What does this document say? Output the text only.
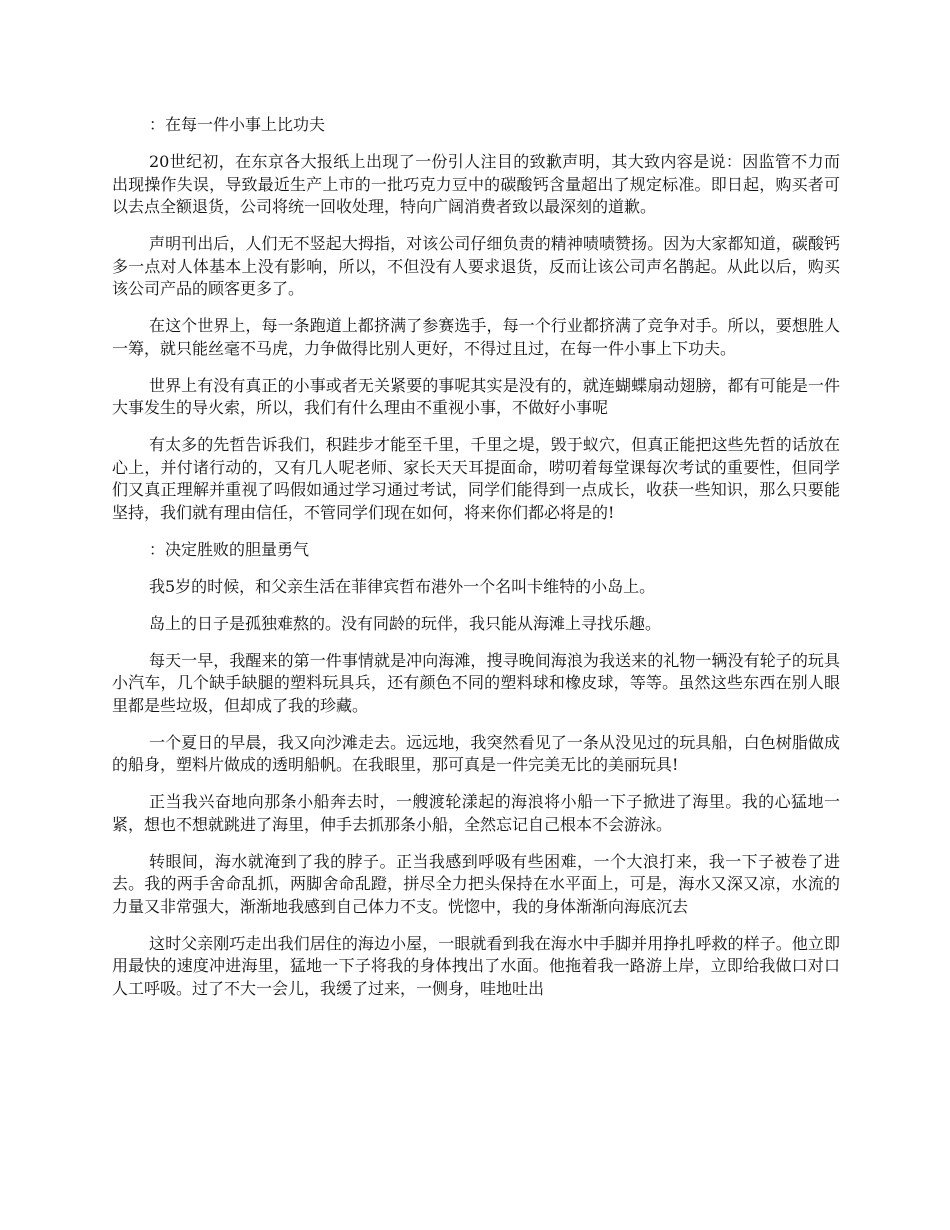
：在每一件小事上比功夫

20世纪初，在东京各大报纸上出现了一份引人注目的致歉声明，其大致内容是说：因监管不力而出现操作失误，导致最近生产上市的一批巧克力豆中的碳酸钙含量超出了规定标准。即日起，购买者可以去点全额退货，公司将统一回收处理，特向广阔消费者致以最深刻的道歉。

声明刊出后，人们无不竖起大拇指，对该公司仔细负责的精神啧啧赞扬。因为大家都知道，碳酸钙多一点对人体基本上没有影响，所以，不但没有人要求退货，反而让该公司声名鹊起。从此以后，购买该公司产品的顾客更多了。

在这个世界上，每一条跑道上都挤满了参赛选手，每一个行业都挤满了竞争对手。所以，要想胜人一筹，就只能丝毫不马虎，力争做得比别人更好，不得过且过，在每一件小事上下功夫。

世界上有没有真正的小事或者无关紧要的事呢其实是没有的，就连蝴蝶扇动翅膀，都有可能是一件大事发生的导火索，所以，我们有什么理由不重视小事，不做好小事呢

有太多的先哲告诉我们，积跬步才能至千里，千里之堤，毁于蚁穴，但真正能把这些先哲的话放在心上，并付诸行动的，又有几人呢老师、家长天天耳提面命，唠叨着每堂课每次考试的重要性，但同学们又真正理解并重视了吗假如通过学习通过考试，同学们能得到一点成长，收获一些知识，那么只要能坚持，我们就有理由信任，不管同学们现在如何，将来你们都必将是的!

：决定胜败的胆量勇气

我5岁的时候，和父亲生活在菲律宾哲布港外一个名叫卡维特的小岛上。

岛上的日子是孤独难熬的。没有同龄的玩伴，我只能从海滩上寻找乐趣。

每天一早，我醒来的第一件事情就是冲向海滩，搜寻晚间海浪为我送来的礼物一辆没有轮子的玩具小汽车，几个缺手缺腿的塑料玩具兵，还有颜色不同的塑料球和橡皮球，等等。虽然这些东西在别人眼里都是些垃圾，但却成了我的珍藏。

一个夏日的早晨，我又向沙滩走去。远远地，我突然看见了一条从没见过的玩具船，白色树脂做成的船身，塑料片做成的透明船帆。在我眼里，那可真是一件完美无比的美丽玩具!

正当我兴奋地向那条小船奔去时，一艘渡轮漾起的海浪将小船一下子掀进了海里。我的心猛地一紧，想也不想就跳进了海里，伸手去抓那条小船，全然忘记自己根本不会游泳。

转眼间，海水就淹到了我的脖子。正当我感到呼吸有些困难，一个大浪打来，我一下子被卷了进去。我的两手舍命乱抓，两脚舍命乱蹬，拼尽全力把头保持在水平面上，可是，海水又深又凉，水流的力量又非常强大，渐渐地我感到自己体力不支。恍惚中，我的身体渐渐向海底沉去

这时父亲刚巧走出我们居住的海边小屋，一眼就看到我在海水中手脚并用挣扎呼救的样子。他立即用最快的速度冲进海里，猛地一下子将我的身体拽出了水面。他拖着我一路游上岸，立即给我做口对口人工呼吸。过了不大一会儿，我缓了过来，一侧身，哇地吐出
